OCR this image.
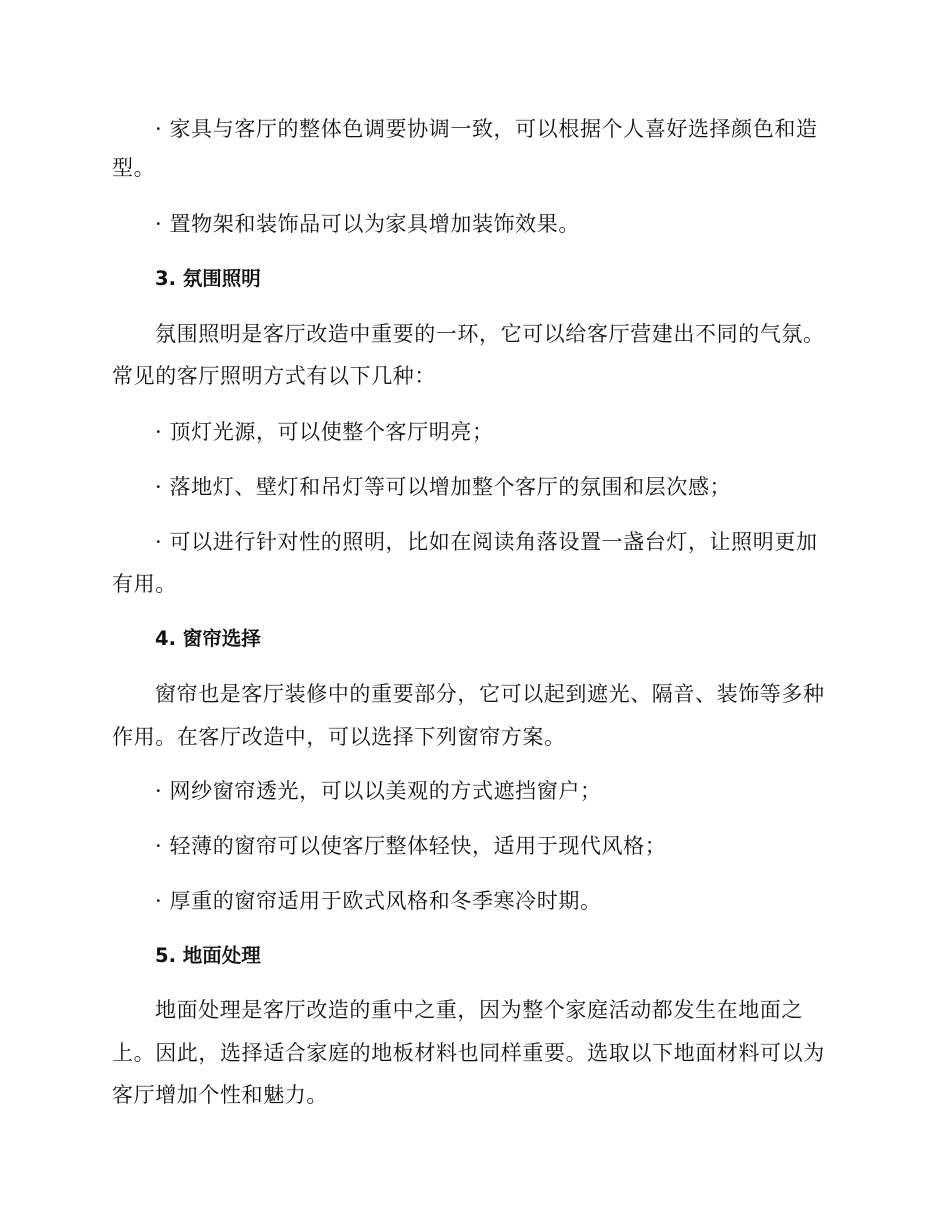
· 家具与客厅的整体色调要协调一致，可以根据个人喜好选择颜色和造
型。
· 置物架和装饰品可以为家具增加装饰效果。
3. 氛围照明
氛围照明是客厅改造中重要的一环，它可以给客厅营建出不同的气氛。
常见的客厅照明方式有以下几种：
· 顶灯光源，可以使整个客厅明亮；
· 落地灯、壁灯和吊灯等可以增加整个客厅的氛围和层次感；
· 可以进行针对性的照明，比如在阅读角落设置一盏台灯，让照明更加
有用。
4. 窗帘选择
窗帘也是客厅装修中的重要部分，它可以起到遮光、隔音、装饰等多种
作用。在客厅改造中，可以选择下列窗帘方案。
· 网纱窗帘透光，可以以美观的方式遮挡窗户；
· 轻薄的窗帘可以使客厅整体轻快，适用于现代风格；
· 厚重的窗帘适用于欧式风格和冬季寒冷时期。
5. 地面处理
地面处理是客厅改造的重中之重，因为整个家庭活动都发生在地面之
上。因此，选择适合家庭的地板材料也同样重要。选取以下地面材料可以为
客厅增加个性和魅力。
